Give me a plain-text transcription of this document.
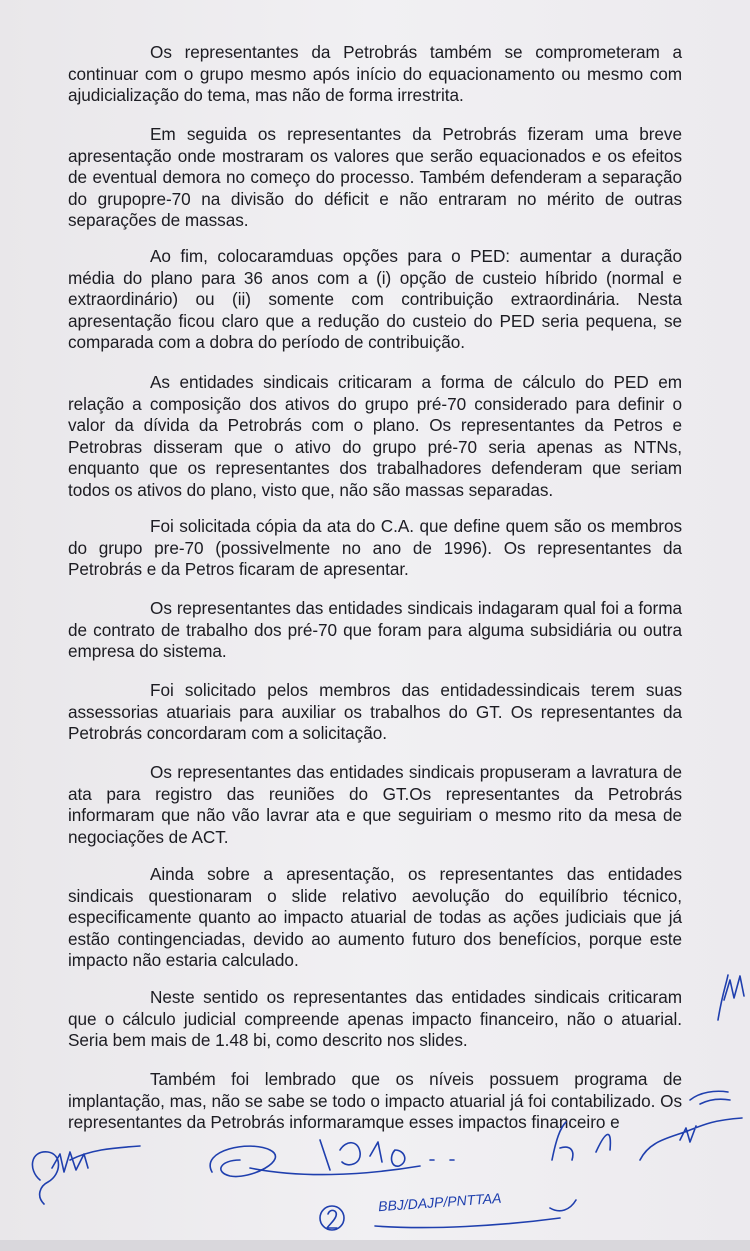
Os representantes da Petrobrás também se comprometeram a continuar com o grupo mesmo após início do equacionamento ou mesmo com ajudicialização do tema, mas não de forma irrestrita.

Em seguida os representantes da Petrobrás fizeram uma breve apresentação onde mostraram os valores que serão equacionados e os efeitos de eventual demora no começo do processo. Também defenderam a separação do grupopre-70 na divisão do déficit e não entraram no mérito de outras separações de massas.

Ao fim, colocaramduas opções para o PED: aumentar a duração média do plano para 36 anos com a (i) opção de custeio híbrido (normal e extraordinário) ou (ii) somente com contribuição extraordinária. Nesta apresentação ficou claro que a redução do custeio do PED seria pequena, se comparada com a dobra do período de contribuição.

As entidades sindicais criticaram a forma de cálculo do PED em relação a composição dos ativos do grupo pré-70 considerado para definir o valor da dívida da Petrobrás com o plano. Os representantes da Petros e Petrobras disseram que o ativo do grupo pré-70 seria apenas as NTNs, enquanto que os representantes dos trabalhadores defenderam que seriam todos os ativos do plano, visto que, não são massas separadas.

Foi solicitada cópia da ata do C.A. que define quem são os membros do grupo pre-70 (possivelmente no ano de 1996). Os representantes da Petrobrás e da Petros ficaram de apresentar.

Os representantes das entidades sindicais indagaram qual foi a forma de contrato de trabalho dos pré-70 que foram para alguma subsidiária ou outra empresa do sistema.

Foi solicitado pelos membros das entidadessindicais terem suas assessorias atuariais para auxiliar os trabalhos do GT. Os representantes da Petrobrás concordaram com a solicitação.

Os representantes das entidades sindicais propuseram a lavratura de ata para registro das reuniões do GT.Os representantes da Petrobrás informaram que não vão lavrar ata e que seguiriam o mesmo rito da mesa de negociações de ACT.

Ainda sobre a apresentação, os representantes das entidades sindicais questionaram o slide relativo aevolução do equilíbrio técnico, especificamente quanto ao impacto atuarial de todas as ações judiciais que já estão contingenciadas, devido ao aumento futuro dos benefícios, porque este impacto não estaria calculado.

Neste sentido os representantes das entidades sindicais criticaram que o cálculo judicial compreende apenas impacto financeiro, não o atuarial. Seria bem mais de 1.48 bi, como descrito nos slides.

Também foi lembrado que os níveis possuem programa de implantação, mas, não se sabe se todo o impacto atuarial já foi contabilizado. Os representantes da Petrobrás informaramque esses impactos financeiro e

BBJ/DAJP/PNTTAA
